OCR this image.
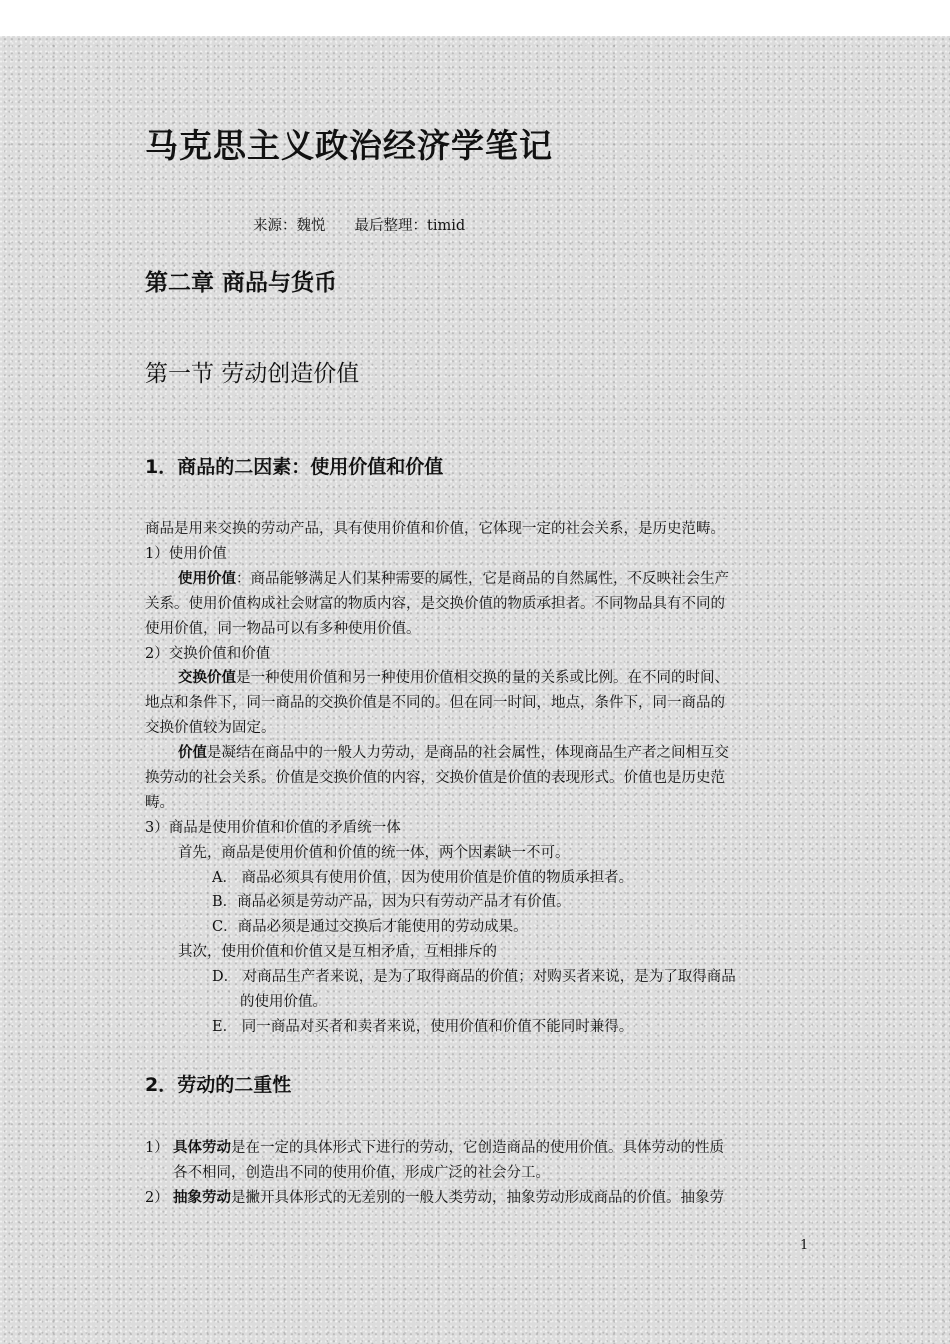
马克思主义政治经济学笔记
来源：魏悦　　最后整理：timid
第二章 商品与货币
第一节 劳动创造价值
1．商品的二因素：使用价值和价值
商品是用来交换的劳动产品，具有使用价值和价值，它体现一定的社会关系，是历史范畴。
1）使用价值
使用价值：商品能够满足人们某种需要的属性，它是商品的自然属性，不反映社会生产
关系。使用价值构成社会财富的物质内容，是交换价值的物质承担者。不同物品具有不同的
使用价值，同一物品可以有多种使用价值。
2）交换价值和价值
交换价值是一种使用价值和另一种使用价值相交换的量的关系或比例。在不同的时间、
地点和条件下，同一商品的交换价值是不同的。但在同一时间，地点，条件下，同一商品的
交换价值较为固定。
价值是凝结在商品中的一般人力劳动，是商品的社会属性，体现商品生产者之间相互交
换劳动的社会关系。价值是交换价值的内容，交换价值是价值的表现形式。价值也是历史范
畴。
3）商品是使用价值和价值的矛盾统一体
首先，商品是使用价值和价值的统一体，两个因素缺一不可。
A． 商品必须具有使用价值，因为使用价值是价值的物质承担者。
B．商品必须是劳动产品，因为只有劳动产品才有价值。
C．商品必须是通过交换后才能使用的劳动成果。
其次，使用价值和价值又是互相矛盾，互相排斥的
D． 对商品生产者来说，是为了取得商品的价值；对购买者来说，是为了取得商品
的使用价值。
E． 同一商品对买者和卖者来说，使用价值和价值不能同时兼得。
2．劳动的二重性
1） 具体劳动是在一定的具体形式下进行的劳动，它创造商品的使用价值。具体劳动的性质
各不相同，创造出不同的使用价值，形成广泛的社会分工。
2） 抽象劳动是撇开具体形式的无差别的一般人类劳动，抽象劳动形成商品的价值。抽象劳
1
